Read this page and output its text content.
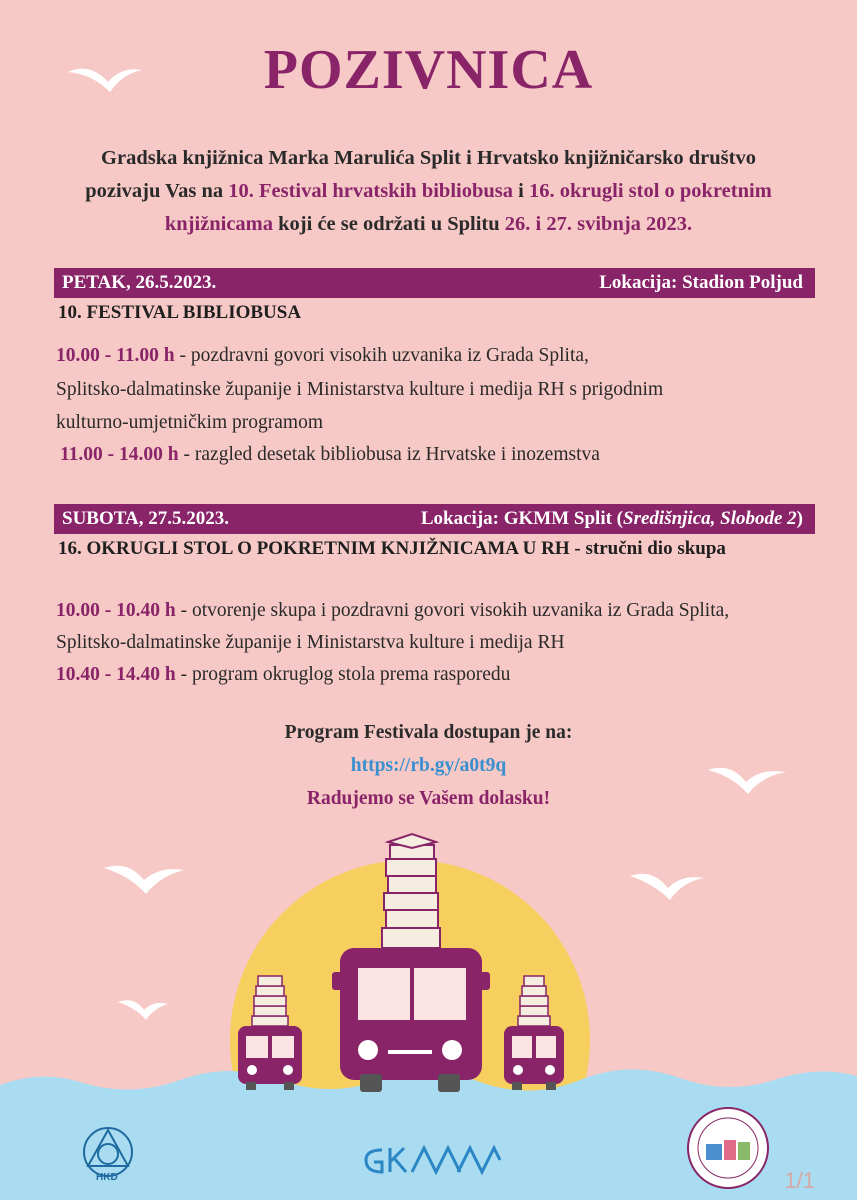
POZIVNICA
Gradska knjižnica Marka Marulića Split i Hrvatsko knjižničarsko društvo
pozivaju Vas na 10. Festival hrvatskih bibliobusa i 16. okrugli stol o pokretnim
knjižnicama koji će se održati u Splitu 26. i 27. svibnja 2023.
PETAK, 26.5.2023.	Lokacija: Stadion Poljud
10. FESTIVAL BIBLIOBUSA
10.00 - 11.00 h - pozdravni govori visokih uzvanika iz Grada Splita,
Splitsko-dalmatinske županije i Ministarstva kulture i medija RH s prigodnim
kulturno-umjetničkim programom
11.00 - 14.00 h - razgled desetak bibliobusa iz Hrvatske i inozemstva
SUBOTA, 27.5.2023.	Lokacija: GKMM Split (Središnjica, Slobode 2)
16. OKRUGLI STOL O POKRETNIM KNJIŽNICAMA U RH - stručni dio skupa
10.00 - 10.40 h - otvorenje skupa i pozdravni govori visokih uzvanika iz Grada Splita,
Splitsko-dalmatinske županije i Ministarstva kulture i medija RH
10.40 - 14.40 h - program okruglog stola prema rasporedu
Program Festivala dostupan je na:
https://rb.gy/a0t9q
Radujemo se Vašem dolasku!
HKD	1/1
